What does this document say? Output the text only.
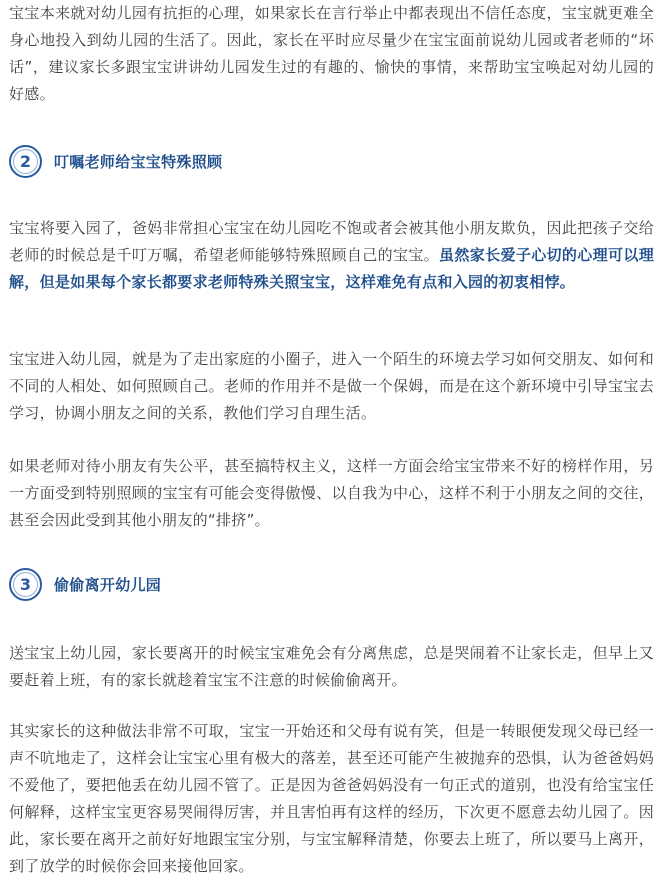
宝宝本来就对幼儿园有抗拒的心理，如果家长在言行举止中都表现出不信任态度，宝宝就更难全身心地投入到幼儿园的生活了。因此，家长在平时应尽量少在宝宝面前说幼儿园或者老师的“坏话”，建议家长多跟宝宝讲讲幼儿园发生过的有趣的、愉快的事情，来帮助宝宝唤起对幼儿园的好感。

2 叮嘱老师给宝宝特殊照顾

宝宝将要入园了，爸妈非常担心宝宝在幼儿园吃不饱或者会被其他小朋友欺负，因此把孩子交给老师的时候总是千叮万嘱，希望老师能够特殊照顾自己的宝宝。虽然家长爱子心切的心理可以理解，但是如果每个家长都要求老师特殊关照宝宝，这样难免有点和入园的初衷相悖。

宝宝进入幼儿园，就是为了走出家庭的小圈子，进入一个陌生的环境去学习如何交朋友、如何和不同的人相处、如何照顾自己。老师的作用并不是做一个保姆，而是在这个新环境中引导宝宝去学习，协调小朋友之间的关系，教他们学习自理生活。

如果老师对待小朋友有失公平，甚至搞特权主义，这样一方面会给宝宝带来不好的榜样作用，另一方面受到特别照顾的宝宝有可能会变得傲慢、以自我为中心，这样不利于小朋友之间的交往，甚至会因此受到其他小朋友的“排挤”。

3 偷偷离开幼儿园

送宝宝上幼儿园，家长要离开的时候宝宝难免会有分离焦虑，总是哭闹着不让家长走，但早上又要赶着上班，有的家长就趁着宝宝不注意的时候偷偷离开。

其实家长的这种做法非常不可取，宝宝一开始还和父母有说有笑，但是一转眼便发现父母已经一声不吭地走了，这样会让宝宝心里有极大的落差，甚至还可能产生被抛弃的恐惧，认为爸爸妈妈不爱他了，要把他丢在幼儿园不管了。正是因为爸爸妈妈没有一句正式的道别，也没有给宝宝任何解释，这样宝宝更容易哭闹得厉害，并且害怕再有这样的经历，下次更不愿意去幼儿园了。因此，家长要在离开之前好好地跟宝宝分别，与宝宝解释清楚，你要去上班了，所以要马上离开，到了放学的时候你会回来接他回家。
